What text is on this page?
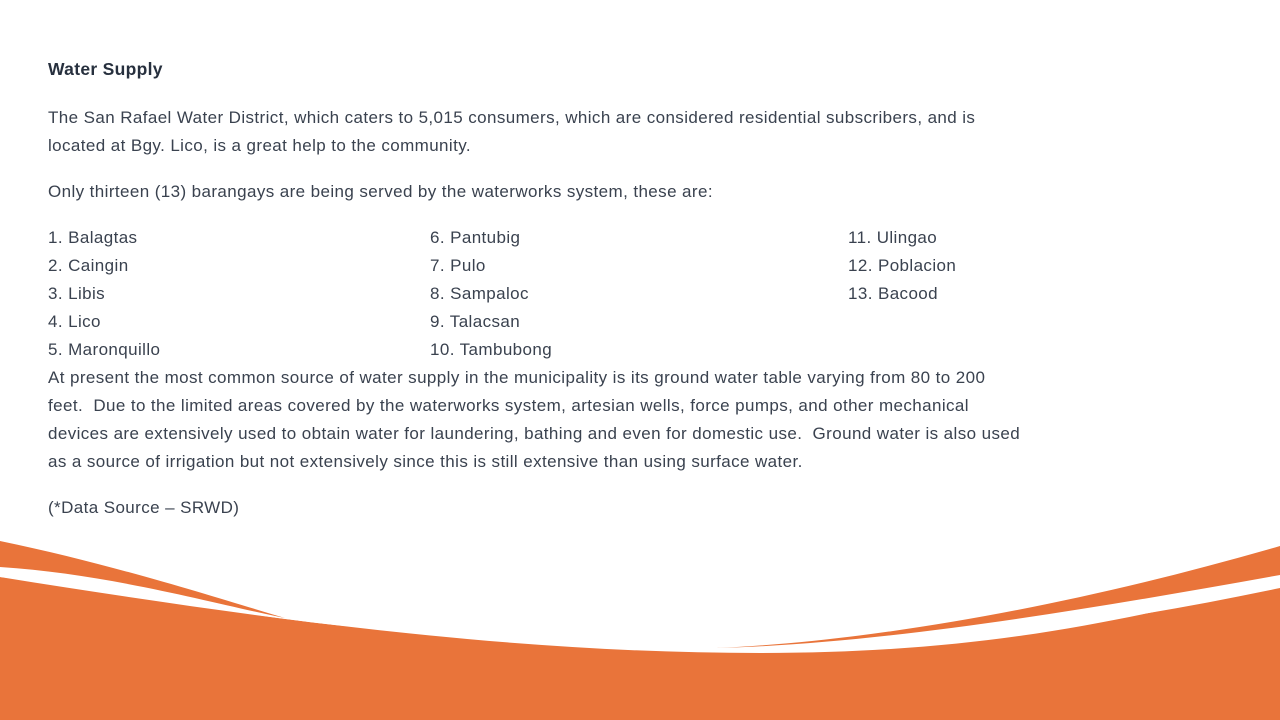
Water Supply
The San Rafael Water District, which caters to 5,015 consumers, which are considered residential subscribers, and is
located at Bgy. Lico, is a great help to the community.
Only thirteen (13) barangays are being served by the waterworks system, these are:
1. Balagtas
2. Caingin
3. Libis
4. Lico
5. Maronquillo
6. Pantubig
7. Pulo
8. Sampaloc
9. Talacsan
10. Tambubong
11. Ulingao
12. Poblacion
13. Bacood
At present the most common source of water supply in the municipality is its ground water table varying from 80 to 200
feet.  Due to the limited areas covered by the waterworks system, artesian wells, force pumps, and other mechanical
devices are extensively used to obtain water for laundering, bathing and even for domestic use.  Ground water is also used
as a source of irrigation but not extensively since this is still extensive than using surface water.
(*Data Source – SRWD)
